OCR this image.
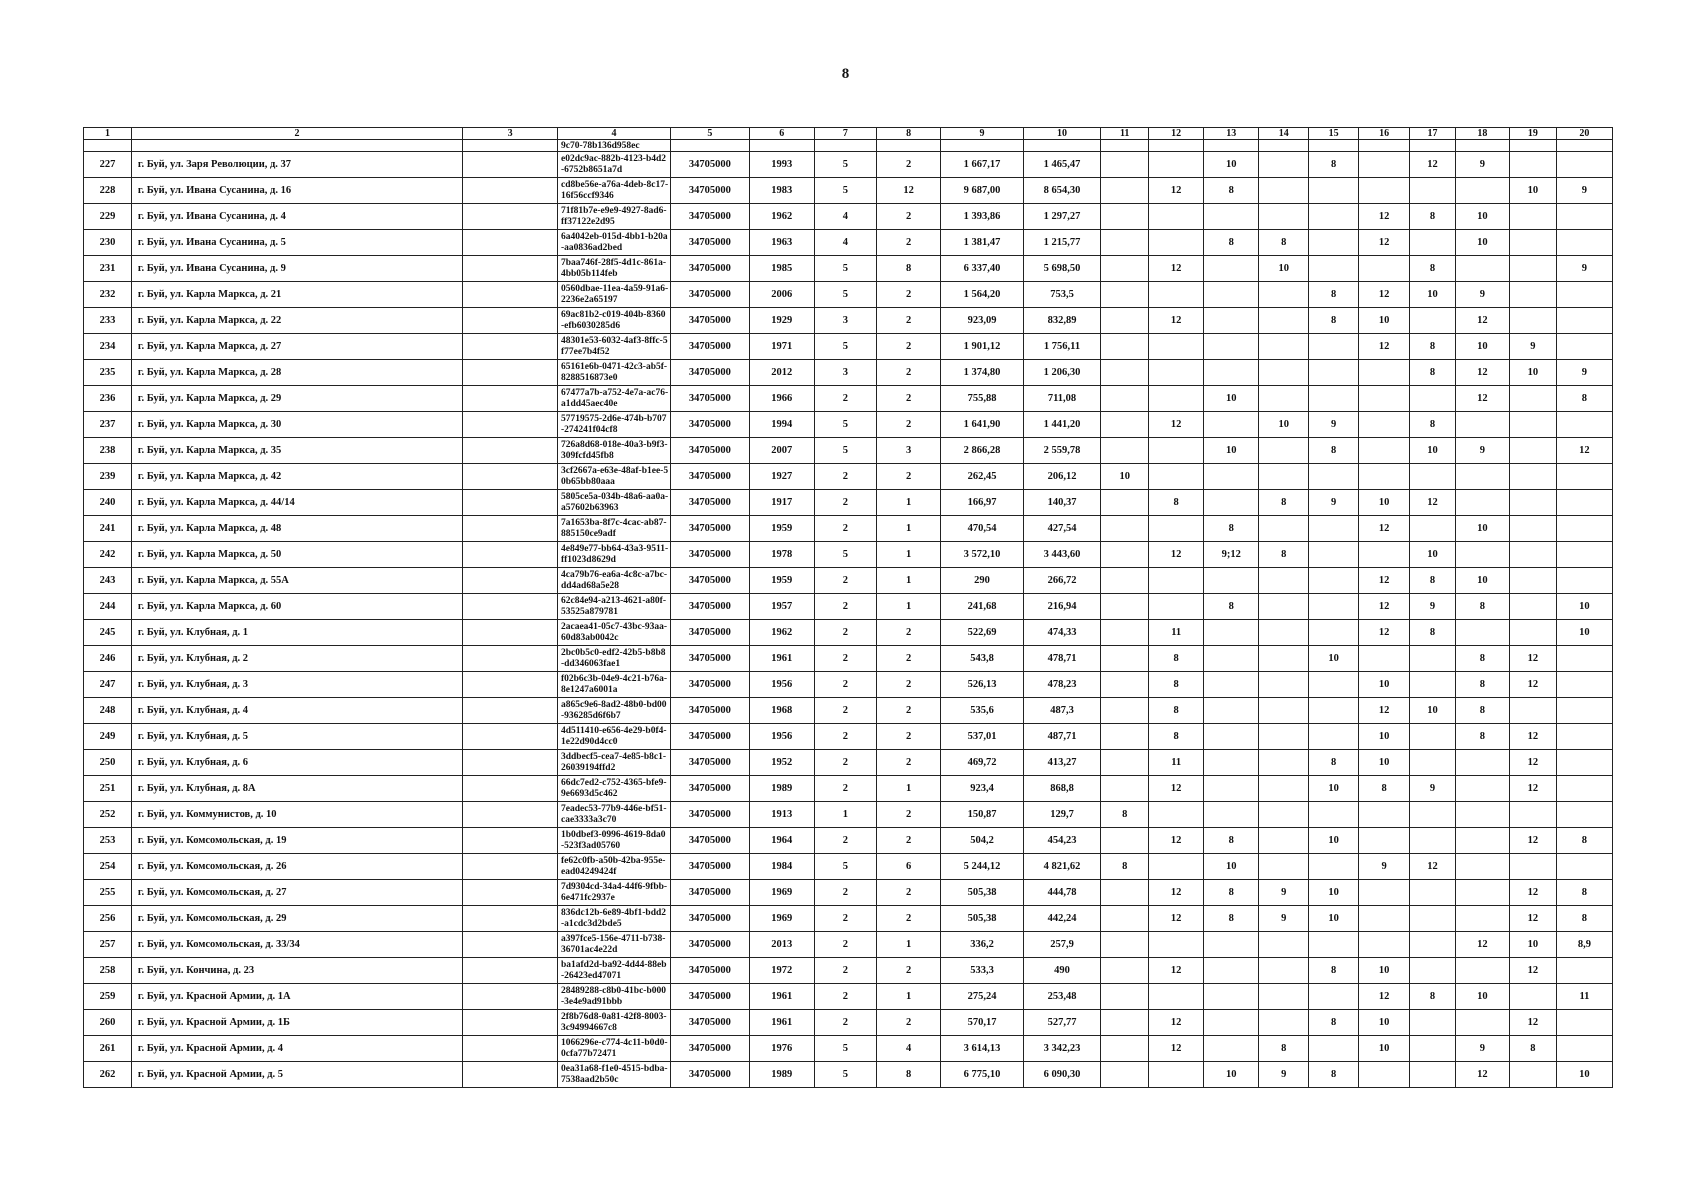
8
1	2	3	4	5	6	7	8	9	10	11	12	13	14	15	16	17	18	19	20
			9c70-78b136d958ec																
227	г. Буй, ул. Заря Революции, д. 37		e02dc9ac-882b-4123-b4d2-6752b8651a7d	34705000	1993	5	2	1 667,17	1 465,47			10		8		12	9		
228	г. Буй, ул. Ивана Сусанина, д. 16		cd8be56e-a76a-4deb-8c17-16f56ccf9346	34705000	1983	5	12	9 687,00	8 654,30		12	8						10	9
229	г. Буй, ул. Ивана Сусанина, д. 4		71f81b7e-e9e9-4927-8ad6-ff37122e2d95	34705000	1962	4	2	1 393,86	1 297,27						12	8	10		
230	г. Буй, ул. Ивана Сусанина, д. 5		6a4042eb-015d-4bb1-b20a-aa0836ad2bed	34705000	1963	4	2	1 381,47	1 215,77			8	8		12		10		
231	г. Буй, ул. Ивана Сусанина, д. 9		7baa746f-28f5-4d1c-861a-4bb05b114feb	34705000	1985	5	8	6 337,40	5 698,50		12		10			8			9
232	г. Буй, ул. Карла Маркса, д. 21		0560dbae-11ea-4a59-91a6-2236e2a65197	34705000	2006	5	2	1 564,20	753,5					8	12	10	9		
233	г. Буй, ул. Карла Маркса, д. 22		69ac81b2-c019-404b-8360-efb6030285d6	34705000	1929	3	2	923,09	832,89		12			8	10		12		
234	г. Буй, ул. Карла Маркса, д. 27		48301e53-6032-4af3-8ffc-5f77ee7b4f52	34705000	1971	5	2	1 901,12	1 756,11						12	8	10	9	
235	г. Буй, ул. Карла Маркса, д. 28		65161e6b-0471-42c3-ab5f-8288516873e0	34705000	2012	3	2	1 374,80	1 206,30							8	12	10	9
236	г. Буй, ул. Карла Маркса, д. 29		67477a7b-a752-4e7a-ac76-a1dd45aec40e	34705000	1966	2	2	755,88	711,08			10					12		8
237	г. Буй, ул. Карла Маркса, д. 30		57719575-2d6e-474b-b707-274241f04cf8	34705000	1994	5	2	1 641,90	1 441,20		12		10	9		8			
238	г. Буй, ул. Карла Маркса, д. 35		726a8d68-018e-40a3-b9f3-309fcfd45fb8	34705000	2007	5	3	2 866,28	2 559,78			10		8		10	9		12
239	г. Буй, ул. Карла Маркса, д. 42		3cf2667a-e63e-48af-b1ee-50b65bb80aaa	34705000	1927	2	2	262,45	206,12	10									
240	г. Буй, ул. Карла Маркса, д. 44/14		5805ce5a-034b-48a6-aa0a-a57602b63963	34705000	1917	2	1	166,97	140,37		8		8	9	10	12			
241	г. Буй, ул. Карла Маркса, д. 48		7a1653ba-8f7c-4cac-ab87-885150ce9adf	34705000	1959	2	1	470,54	427,54			8			12		10		
242	г. Буй, ул. Карла Маркса, д. 50		4e849e77-bb64-43a3-9511-ff1023d8629d	34705000	1978	5	1	3 572,10	3 443,60		12	9;12	8			10			
243	г. Буй, ул. Карла Маркса, д. 55А		4ca79b76-ea6a-4c8c-a7bc-dd4ad68a5e28	34705000	1959	2	1	290	266,72						12	8	10		
244	г. Буй, ул. Карла Маркса, д. 60		62c84e94-a213-4621-a80f-53525a879781	34705000	1957	2	1	241,68	216,94			8			12	9	8		10
245	г. Буй, ул. Клубная, д. 1		2acaea41-05c7-43bc-93aa-60d83ab0042c	34705000	1962	2	2	522,69	474,33		11				12	8			10
246	г. Буй, ул. Клубная, д. 2		2bc0b5c0-edf2-42b5-b8b8-dd346063fae1	34705000	1961	2	2	543,8	478,71		8			10			8	12	
247	г. Буй, ул. Клубная, д. 3		f02b6c3b-04e9-4c21-b76a-8e1247a6001a	34705000	1956	2	2	526,13	478,23		8				10		8	12	
248	г. Буй, ул. Клубная, д. 4		a865c9e6-8ad2-48b0-bd00-936285d6f6b7	34705000	1968	2	2	535,6	487,3		8				12	10	8		
249	г. Буй, ул. Клубная, д. 5		4d511410-e656-4e29-b0f4-1e22d90d4cc0	34705000	1956	2	2	537,01	487,71		8				10		8	12	
250	г. Буй, ул. Клубная, д. 6		3ddbecf5-cea7-4e85-b8c1-26039194ffd2	34705000	1952	2	2	469,72	413,27		11			8	10			12	
251	г. Буй, ул. Клубная, д. 8А		66dc7ed2-c752-4365-bfe9-9e6693d5c462	34705000	1989	2	1	923,4	868,8		12			10	8	9		12	
252	г. Буй, ул. Коммунистов, д. 10		7eadec53-77b9-446e-bf51-cae3333a3c70	34705000	1913	1	2	150,87	129,7	8									
253	г. Буй, ул. Комсомольская, д. 19		1b0dbef3-0996-4619-8da0-523f3ad05760	34705000	1964	2	2	504,2	454,23		12	8		10				12	8
254	г. Буй, ул. Комсомольская, д. 26		fe62c0fb-a50b-42ba-955e-ead04249424f	34705000	1984	5	6	5 244,12	4 821,62	8		10			9	12			
255	г. Буй, ул. Комсомольская, д. 27		7d9304cd-34a4-44f6-9fbb-6e471fc2937e	34705000	1969	2	2	505,38	444,78		12	8	9	10				12	8
256	г. Буй, ул. Комсомольская, д. 29		836dc12b-6e89-4bf1-bdd2-a1cdc3d2bde5	34705000	1969	2	2	505,38	442,24		12	8	9	10				12	8
257	г. Буй, ул. Комсомольская, д. 33/34		a397fce5-156e-4711-b738-36701ac4e22d	34705000	2013	2	1	336,2	257,9								12	10	8,9
258	г. Буй, ул. Кончина, д. 23		ba1afd2d-ba92-4d44-88eb-26423ed47071	34705000	1972	2	2	533,3	490		12			8	10			12	
259	г. Буй, ул. Красной Армии, д. 1А		28489288-c8b0-41bc-b000-3e4e9ad91bbb	34705000	1961	2	1	275,24	253,48						12	8	10		11
260	г. Буй, ул. Красной Армии, д. 1Б		2f8b76d8-0a81-42f8-8003-3c94994667c8	34705000	1961	2	2	570,17	527,77		12			8	10			12	
261	г. Буй, ул. Красной Армии, д. 4		1066296e-c774-4c11-b0d0-0cfa77b72471	34705000	1976	5	4	3 614,13	3 342,23		12		8		10		9	8	
262	г. Буй, ул. Красной Армии, д. 5		0ea31a68-f1e0-4515-bdba-7538aad2b50c	34705000	1989	5	8	6 775,10	6 090,30			10	9	8			12		10
